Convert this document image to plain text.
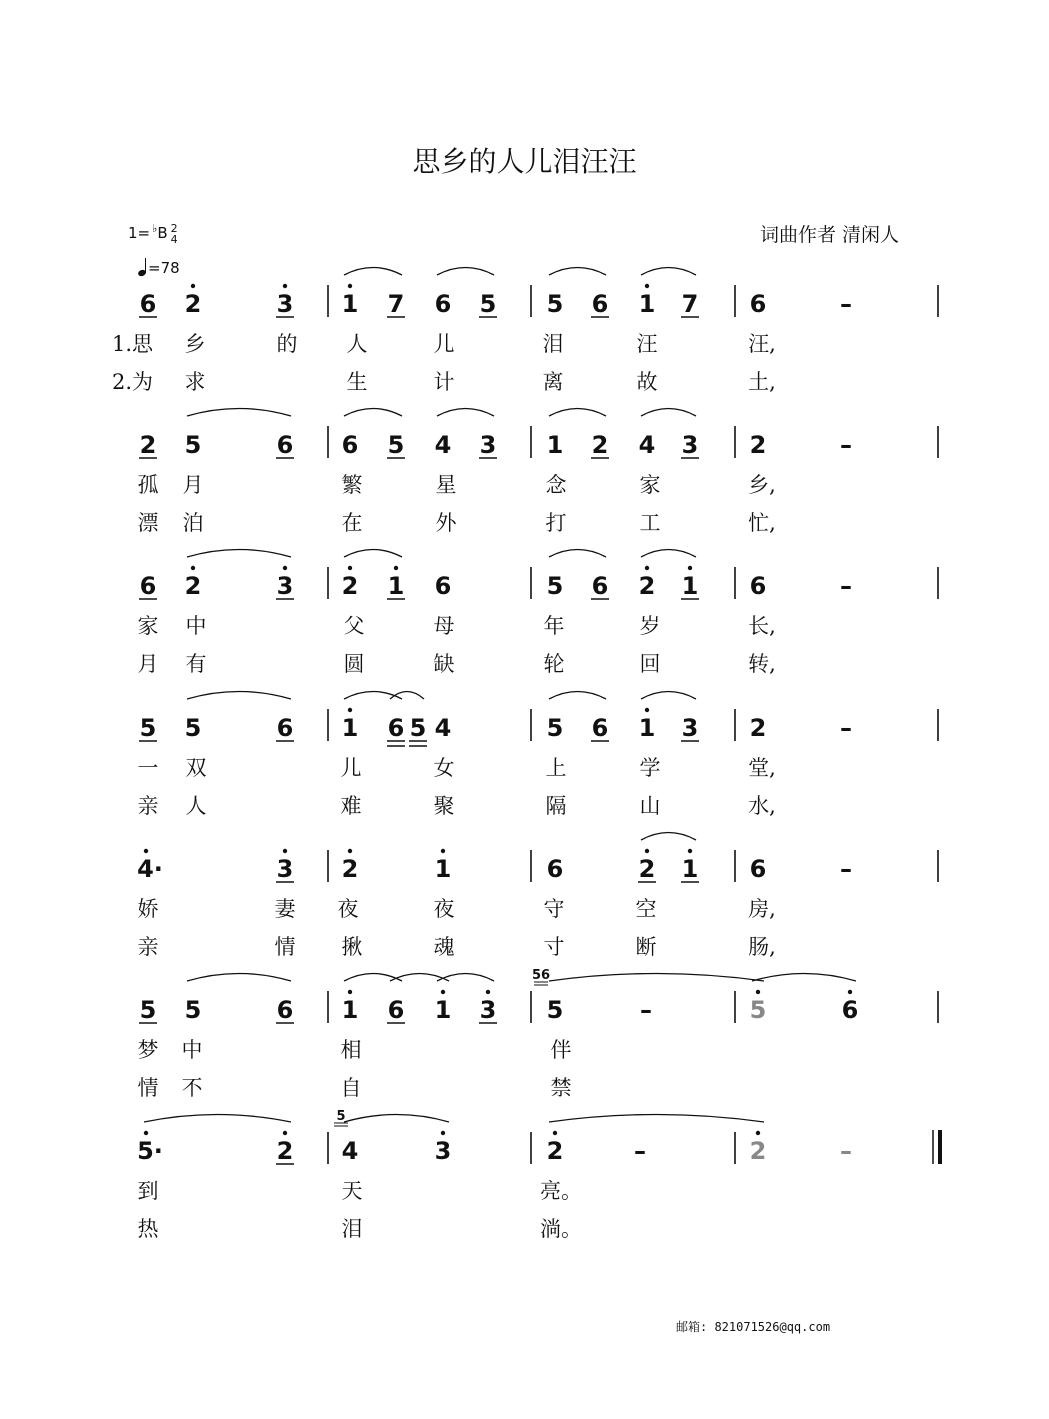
思乡的人儿泪汪汪
词曲作者 清闲人
1= ♭B 2
4
=78
6 2	3 1 7 6 5 5 6 1 7 6	–
1.思 乡	的 人	儿	泪	汪	汪,
2.为 求	生	计	离	故	土,
2 5	6 6 5 4 3 1 2 4 3 2	–
孤 月	繁	星	念	家	乡,
漂 泊	在	外	打	工	忙,
6 2	3 2 1 6	5 6 2 1 6	–
家 中	父	母	年	岁	长,
月 有	圆	缺	轮	回	转,
5 5	6 1 6 5 4	5 6 1 3 2	–
一 双	儿	女	上	学	堂,
亲 人	难	聚	隔	山	水,
4·	3 2	1	6	2 1 6	–
娇	妻 夜	夜	守	空	房,
亲	情 揪	魂	寸	断	肠,
5 5	6 1 6 1 3 5	–	5	6
56
梦 中	相	伴
情 不	自	禁
5·	2 4	3	2	–	2	–
5
到	天	亮。
热	泪	淌。
邮箱: 821071526@qq.com
